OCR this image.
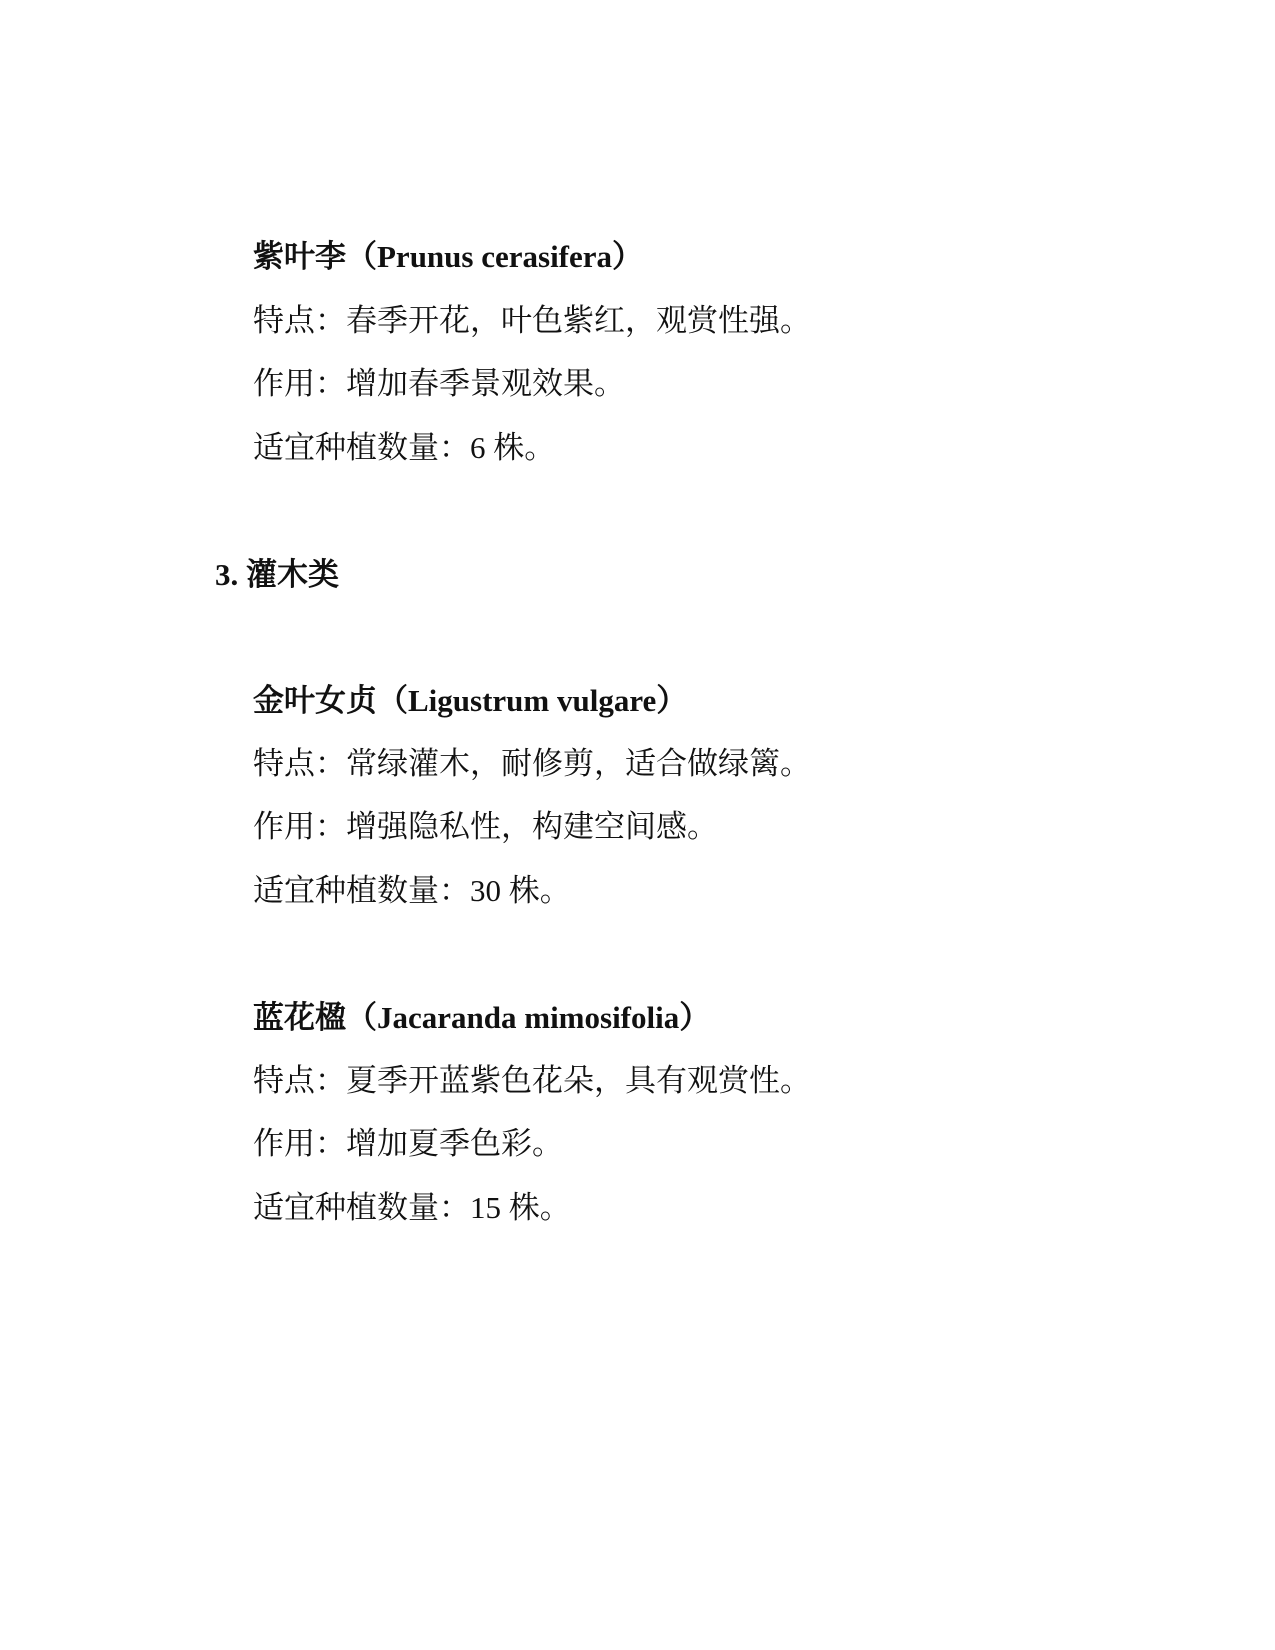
紫叶李（Prunus cerasifera）
特点：春季开花，叶色紫红，观赏性强。
作用：增加春季景观效果。
适宜种植数量：6 株。
3. 灌木类
金叶女贞（Ligustrum vulgare）
特点：常绿灌木，耐修剪，适合做绿篱。
作用：增强隐私性，构建空间感。
适宜种植数量：30 株。
蓝花楹（Jacaranda mimosifolia）
特点：夏季开蓝紫色花朵，具有观赏性。
作用：增加夏季色彩。
适宜种植数量：15 株。
